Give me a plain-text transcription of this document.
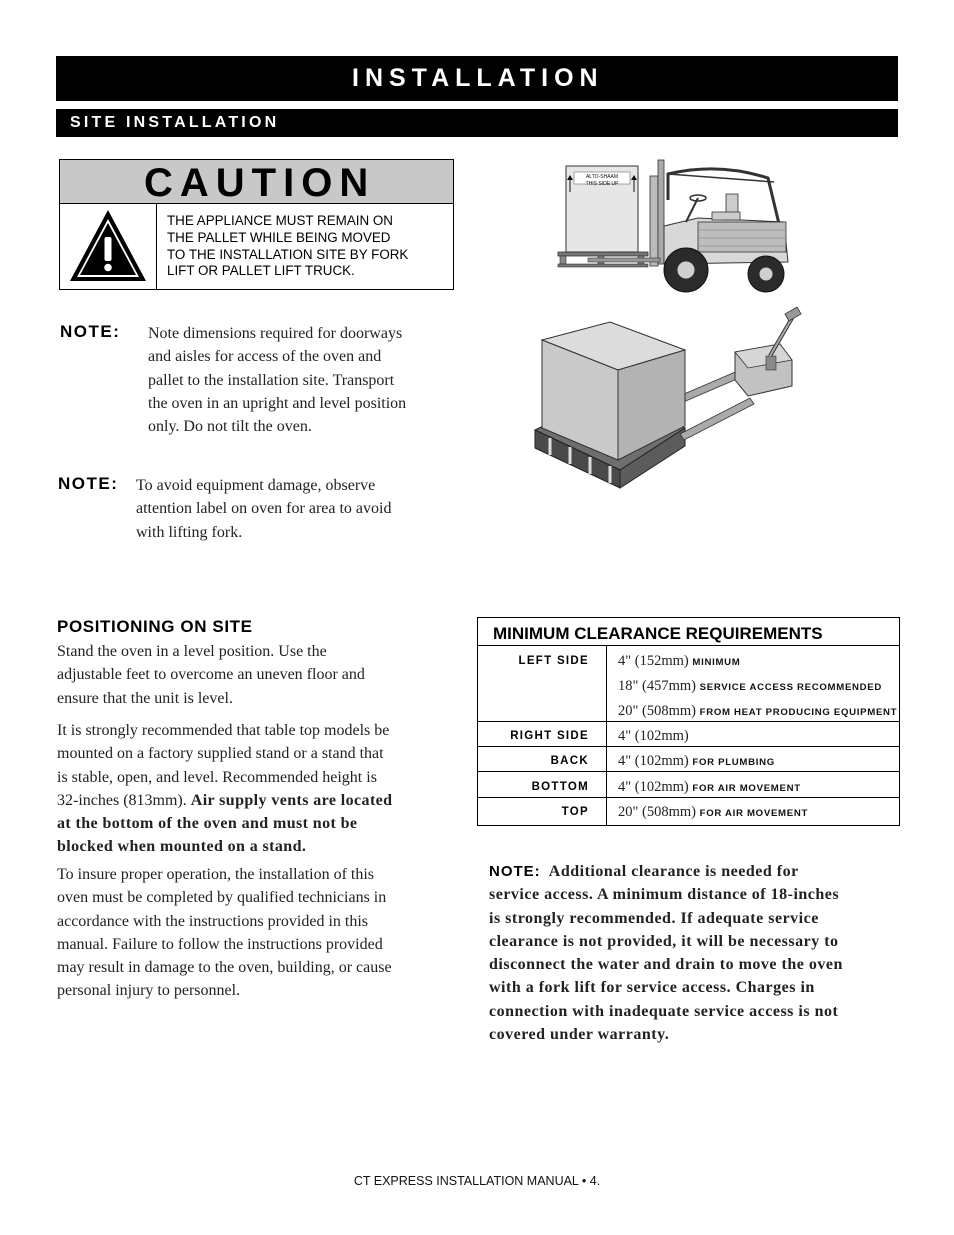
INSTALLATION
SITE INSTALLATION
CAUTION
THE APPLIANCE MUST REMAIN ON
THE PALLET WHILE BEING MOVED
TO THE INSTALLATION SITE BY FORK
LIFT OR PALLET LIFT TRUCK.
ALTO-SHAAM
THIS SIDE UP
NOTE: Note dimensions required for doorways
and aisles for access of the oven and
pallet to the installation site. Transport
the oven in an upright and level position
only. Do not tilt the oven.
NOTE: To avoid equipment damage, observe
attention label on oven for area to avoid
with lifting fork.
POSITIONING ON SITE
Stand the oven in a level position. Use the
adjustable feet to overcome an uneven floor and
ensure that the unit is level.
It is strongly recommended that table top models be
mounted on a factory supplied stand or a stand that
is stable, open, and level. Recommended height is
32-inches (813mm). Air supply vents are located
at the bottom of the oven and must not be
blocked when mounted on a stand.
To insure proper operation, the installation of this
oven must be completed by qualified technicians in
accordance with the instructions provided in this
manual. Failure to follow the instructions provided
may result in damage to the oven, building, or cause
personal injury to personnel.
MINIMUM CLEARANCE REQUIREMENTS
LEFT SIDE 4" (152mm) MINIMUM
18" (457mm) SERVICE ACCESS RECOMMENDED
20" (508mm) FROM HEAT PRODUCING EQUIPMENT
RIGHT SIDE 4" (102mm)
BACK 4" (102mm) FOR PLUMBING
BOTTOM 4" (102mm) FOR AIR MOVEMENT
TOP 20" (508mm) FOR AIR MOVEMENT
NOTE: Additional clearance is needed for
service access. A minimum distance of 18-inches
is strongly recommended. If adequate service
clearance is not provided, it will be necessary to
disconnect the water and drain to move the oven
with a fork lift for service access. Charges in
connection with inadequate service access is not
covered under warranty.
CT EXPRESS INSTALLATION MANUAL • 4.
